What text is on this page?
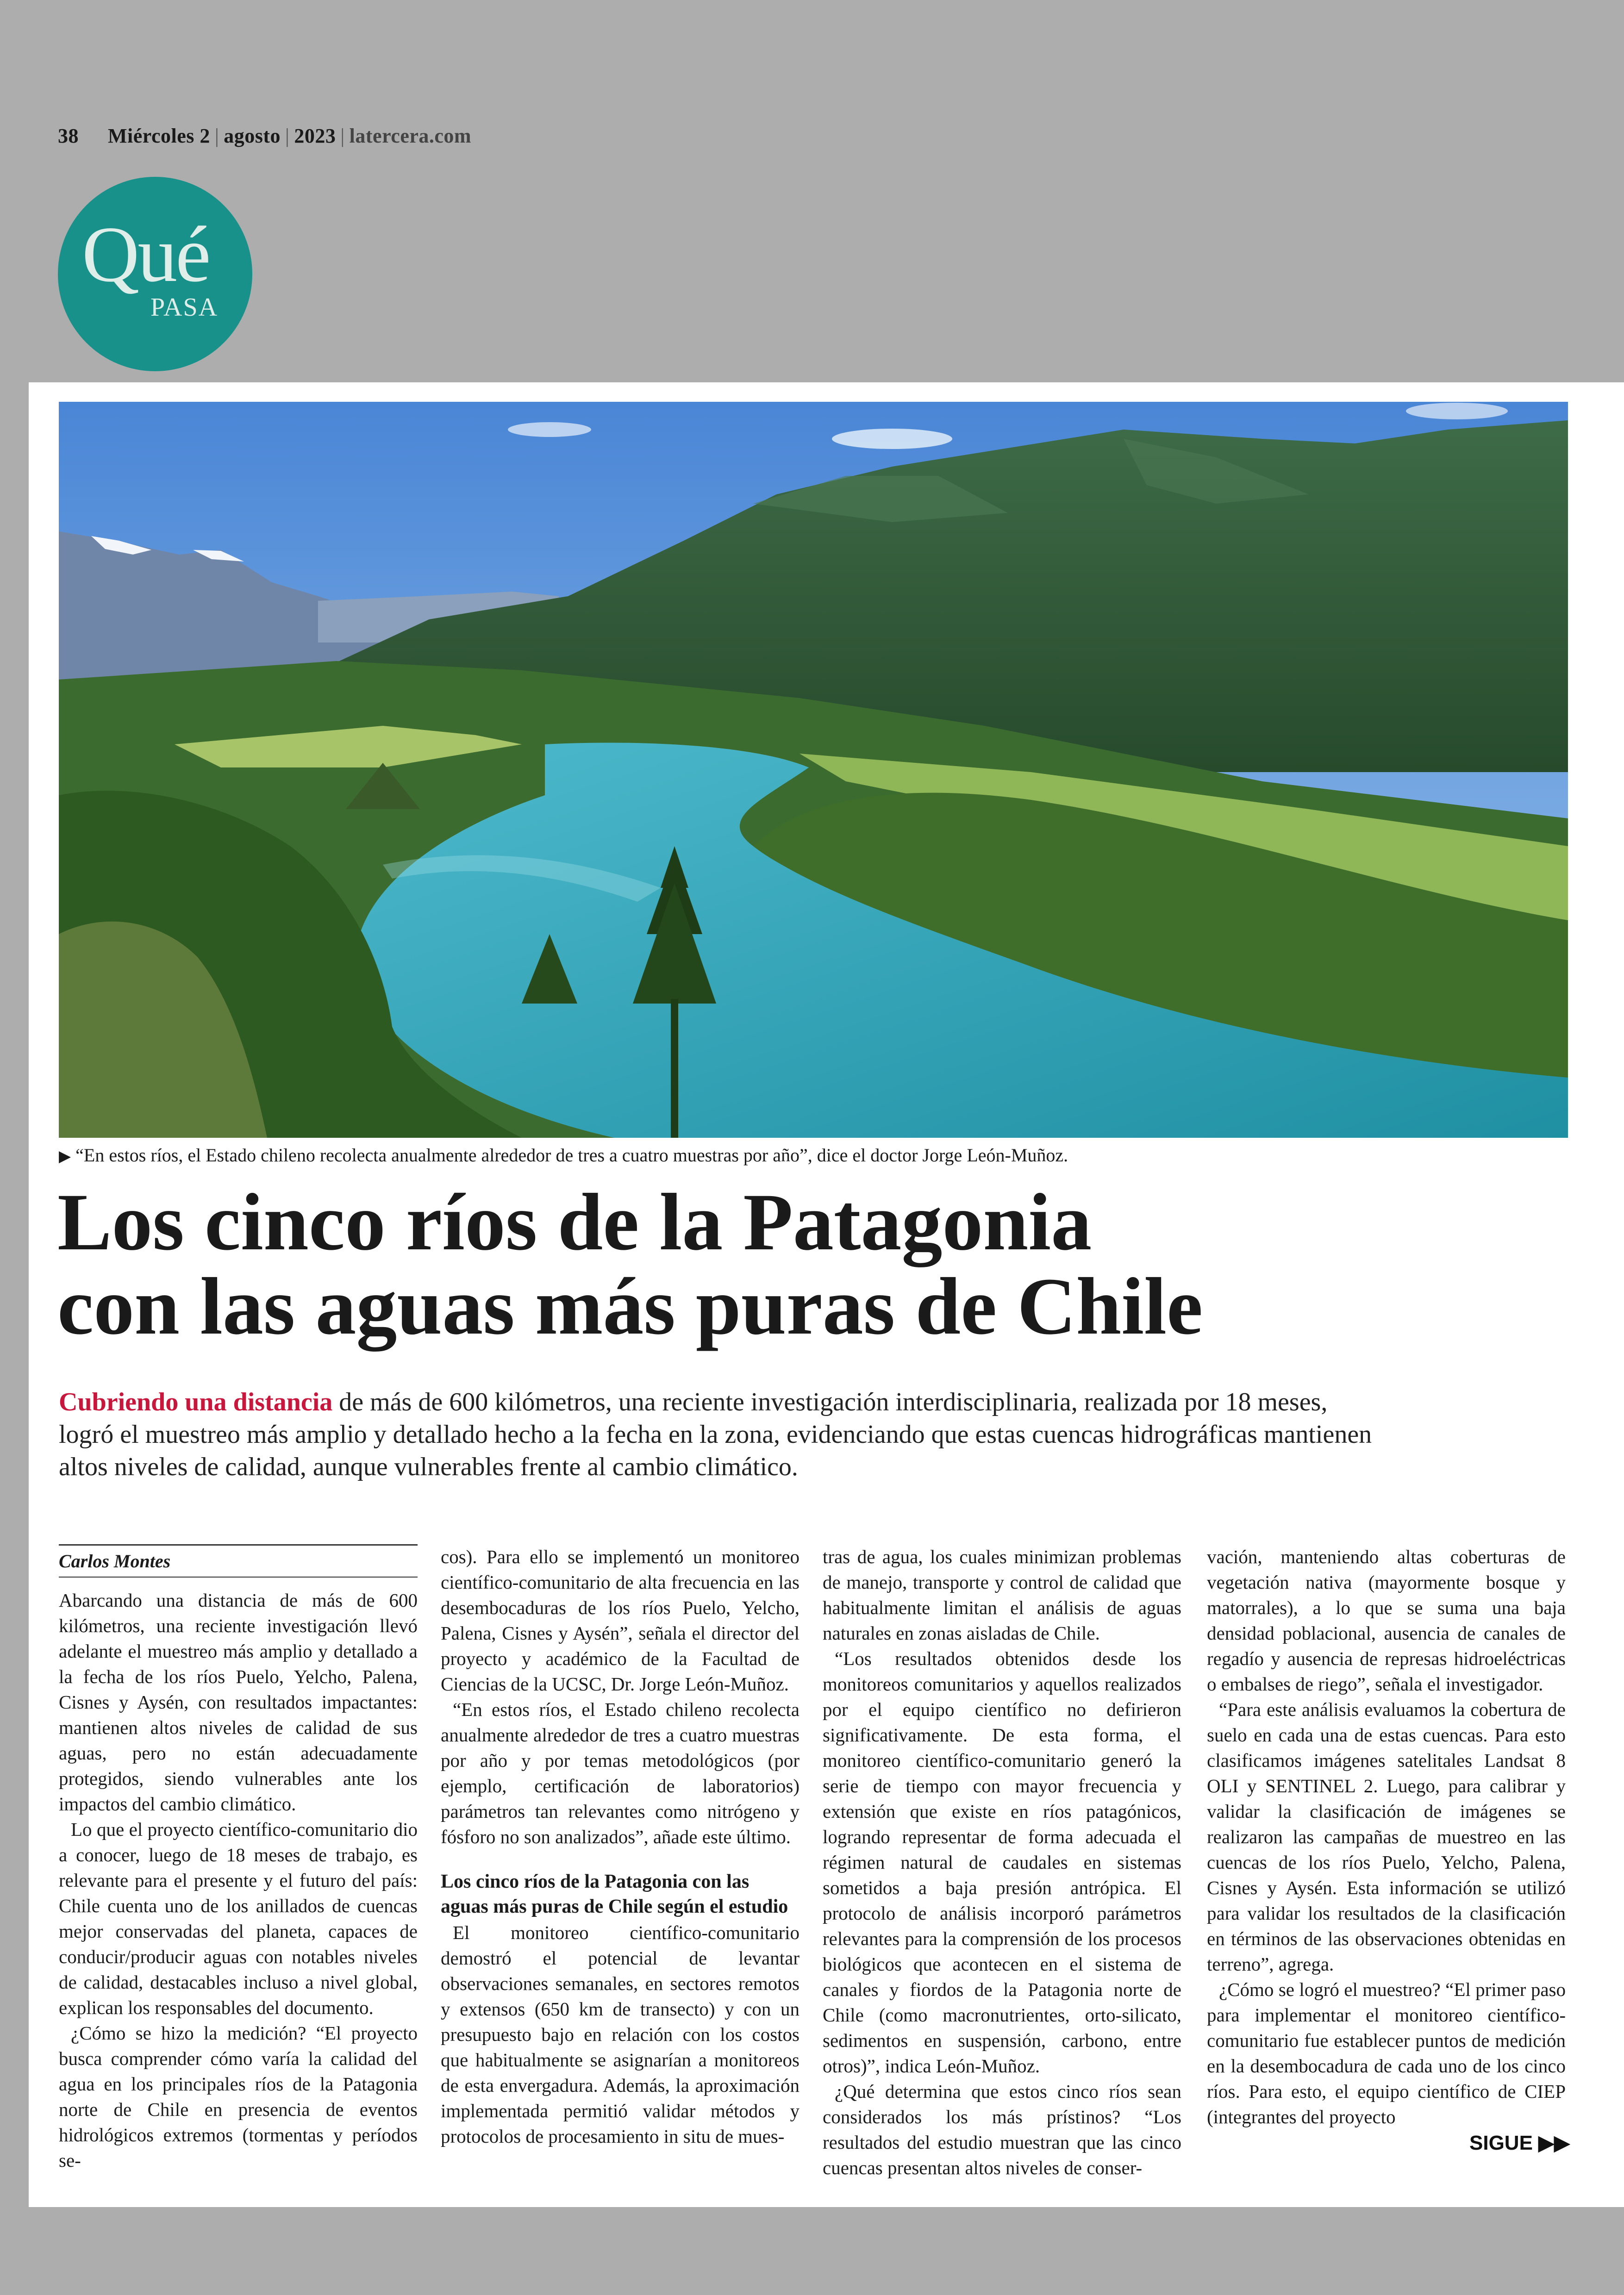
38 Miércoles 2 | agosto | 2023 | latercera.com
Qué
PASA
▶ “En estos ríos, el Estado chileno recolecta anualmente alrededor de tres a cuatro muestras por año”, dice el doctor Jorge León-Muñoz.
Los cinco ríos de la Patagonia
con las aguas más puras de Chile
Cubriendo una distancia de más de 600 kilómetros, una reciente investigación interdisciplinaria, realizada por 18 meses, logró el muestreo más amplio y detallado hecho a la fecha en la zona, evidenciando que estas cuencas hidrográficas mantienen altos niveles de calidad, aunque vulnerables frente al cambio climático.
Carlos Montes

Abarcando una distancia de más de 600 kilómetros, una reciente investigación llevó adelante el muestreo más amplio y detallado a la fecha de los ríos Puelo, Yelcho, Palena, Cisnes y Aysén, con resultados impactantes: mantienen altos niveles de calidad de sus aguas, pero no están adecuadamente protegidos, siendo vulnerables ante los impactos del cambio climático.

Lo que el proyecto científico-comunitario dio a conocer, luego de 18 meses de trabajo, es relevante para el presente y el futuro del país: Chile cuenta uno de los anillados de cuencas mejor conservadas del planeta, capaces de conducir/producir aguas con notables niveles de calidad, destacables incluso a nivel global, explican los responsables del documento.

¿Cómo se hizo la medición? “El proyecto busca comprender cómo varía la calidad del agua en los principales ríos de la Patagonia norte de Chile en presencia de eventos hidrológicos extremos (tormentas y períodos se-

cos). Para ello se implementó un monitoreo científico-comunitario de alta frecuencia en las desembocaduras de los ríos Puelo, Yelcho, Palena, Cisnes y Aysén”, señala el director del proyecto y académico de la Facultad de Ciencias de la UCSC, Dr. Jorge León-Muñoz.

“En estos ríos, el Estado chileno recolecta anualmente alrededor de tres a cuatro muestras por año y por temas metodológicos (por ejemplo, certificación de laboratorios) parámetros tan relevantes como nitrógeno y fósforo no son analizados”, añade este último.

Los cinco ríos de la Patagonia con las aguas más puras de Chile según el estudio

El monitoreo científico-comunitario demostró el potencial de levantar observaciones semanales, en sectores remotos y extensos (650 km de transecto) y con un presupuesto bajo en relación con los costos que habitualmente se asignarían a monitoreos de esta envergadura. Además, la aproximación implementada permitió validar métodos y protocolos de procesamiento in situ de mues-

tras de agua, los cuales minimizan problemas de manejo, transporte y control de calidad que habitualmente limitan el análisis de aguas naturales en zonas aisladas de Chile.

“Los resultados obtenidos desde los monitoreos comunitarios y aquellos realizados por el equipo científico no defirieron significativamente. De esta forma, el monitoreo científico-comunitario generó la serie de tiempo con mayor frecuencia y extensión que existe en ríos patagónicos, logrando representar de forma adecuada el régimen natural de caudales en sistemas sometidos a baja presión antrópica. El protocolo de análisis incorporó parámetros relevantes para la comprensión de los procesos biológicos que acontecen en el sistema de canales y fiordos de la Patagonia norte de Chile (como macronutrientes, orto-silicato, sedimentos en suspensión, carbono, entre otros)”, indica León-Muñoz.

¿Qué determina que estos cinco ríos sean considerados los más prístinos? “Los resultados del estudio muestran que las cinco cuencas presentan altos niveles de conser-

vación, manteniendo altas coberturas de vegetación nativa (mayormente bosque y matorrales), a lo que se suma una baja densidad poblacional, ausencia de canales de regadío y ausencia de represas hidroeléctricas o embalses de riego”, señala el investigador.

“Para este análisis evaluamos la cobertura de suelo en cada una de estas cuencas. Para esto clasificamos imágenes satelitales Landsat 8 OLI y SENTINEL 2. Luego, para calibrar y validar la clasificación de imágenes se realizaron las campañas de muestreo en las cuencas de los ríos Puelo, Yelcho, Palena, Cisnes y Aysén. Esta información se utilizó para validar los resultados de la clasificación en términos de las observaciones obtenidas en terreno”, agrega.

¿Cómo se logró el muestreo? “El primer paso para implementar el monitoreo científico-comunitario fue establecer puntos de medición en la desembocadura de cada uno de los cinco ríos. Para esto, el equipo científico de CIEP (integrantes del proyecto

SIGUE ▶▶
